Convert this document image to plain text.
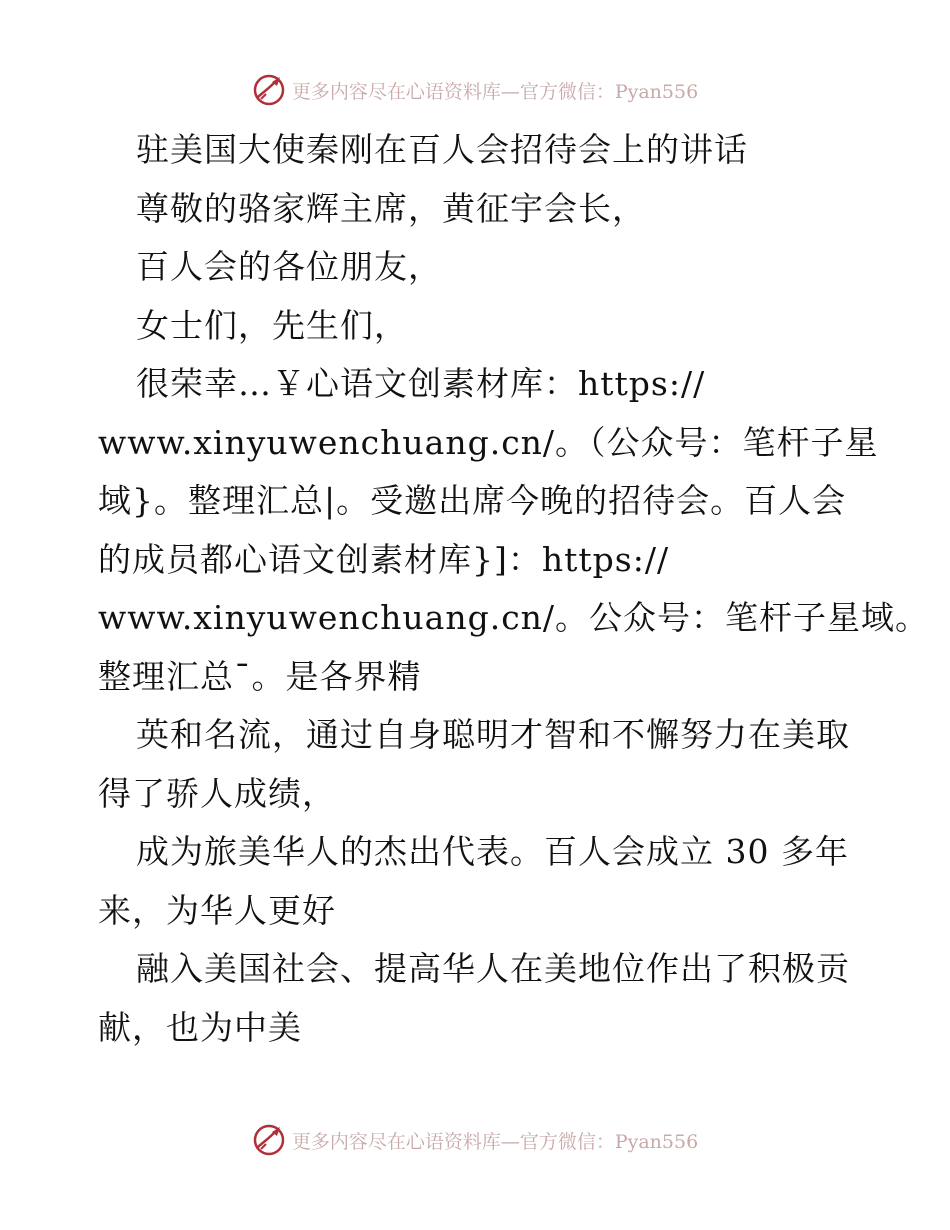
更多内容尽在心语资料库—官方微信：Pyan556
驻美国大使秦刚在百人会招待会上的讲话
尊敬的骆家辉主席，黄征宇会长，
百人会的各位朋友，
女士们，先生们，
很荣幸…￥心语文创素材库：https://
www.xinyuwenchuang.cn/。（公众号：笔杆子星
域}。整理汇总|。受邀出席今晚的招待会。百人会
的成员都心语文创素材库}]：https://
www.xinyuwenchuang.cn/。公众号：笔杆子星域。
整理汇总¯。是各界精
英和名流，通过自身聪明才智和不懈努力在美取
得了骄人成绩，
成为旅美华人的杰出代表。百人会成立 30 多年
来，为华人更好
融入美国社会、提高华人在美地位作出了积极贡
献，也为中美
更多内容尽在心语资料库—官方微信：Pyan556
